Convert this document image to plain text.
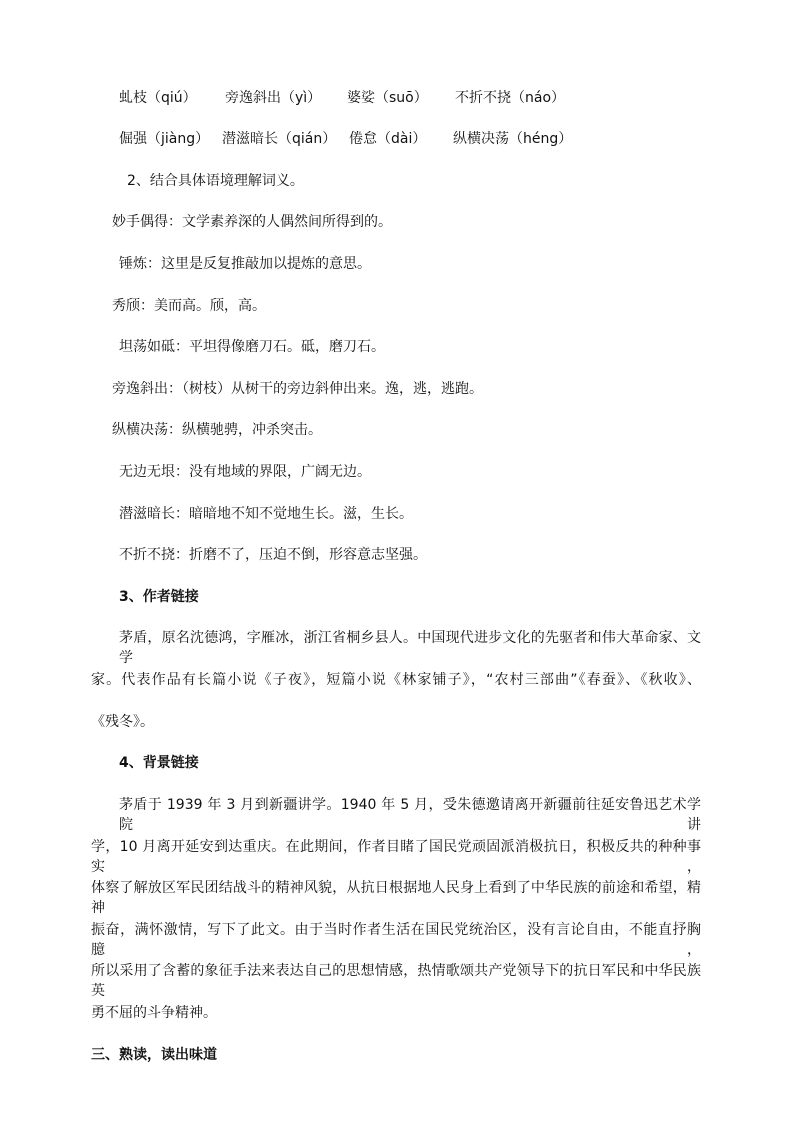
虬枝（qiú） 旁逸斜出（yì） 婆娑（suō） 不折不挠（náo）
倔强（jiàng） 潜滋暗长（qián） 倦怠（dài） 纵横决荡（héng）
2、结合具体语境理解词义。
妙手偶得：文学素养深的人偶然间所得到的。
锤炼：这里是反复推敲加以提炼的意思。
秀颀：美而高。颀，高。
坦荡如砥：平坦得像磨刀石。砥，磨刀石。
旁逸斜出：（树枝）从树干的旁边斜伸出来。逸，逃，逃跑。
纵横决荡：纵横驰骋，冲杀突击。
无边无垠：没有地域的界限，广阔无边。
潜滋暗长：暗暗地不知不觉地生长。滋，生长。
不折不挠：折磨不了，压迫不倒，形容意志坚强。
3、作者链接
茅盾，原名沈德鸿，字雁冰，浙江省桐乡县人。中国现代进步文化的先驱者和伟大革命家、文学
家。代表作品有长篇小说《子夜》，短篇小说《林家铺子》，“农村三部曲”《春蚕》、《秋收》、
《残冬》。
4、背景链接
茅盾于 1939 年 3 月到新疆讲学。1940 年 5 月，受朱德邀请离开新疆前往延安鲁迅艺术学院讲
学，10 月离开延安到达重庆。在此期间，作者目睹了国民党顽固派消极抗日，积极反共的种种事实，
体察了解放区军民团结战斗的精神风貌，从抗日根据地人民身上看到了中华民族的前途和希望，精神
振奋，满怀激情，写下了此文。由于当时作者生活在国民党统治区，没有言论自由，不能直抒胸臆，
所以采用了含蓄的象征手法来表达自己的思想情感，热情歌颂共产党领导下的抗日军民和中华民族英
勇不屈的斗争精神。
三、熟读，读出味道
